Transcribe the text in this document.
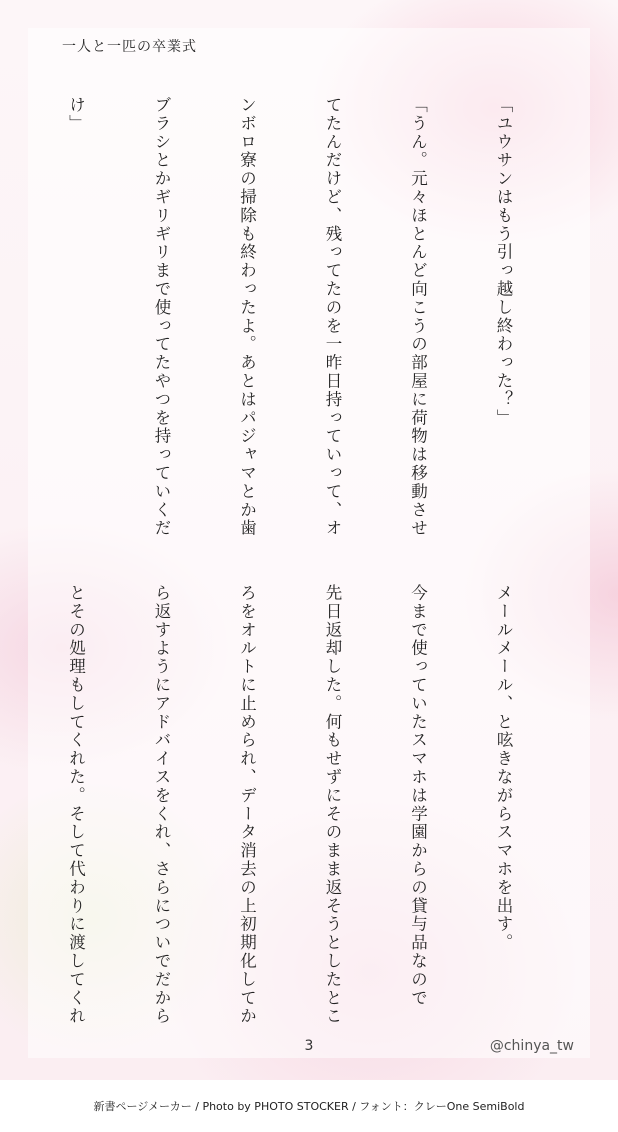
一人と一匹の卒業式

「ユウサンはもう引っ越し終わった？」

「うん。元々ほとんど向こうの部屋に荷物は移動させ

てたんだけど、残ってたのを一昨日持っていって、オ

ンボロ寮の掃除も終わったよ。あとはパジャマとか歯

ブラシとかギリギリまで使ってたやつを持っていくだ

け」

メールメール、と呟きながらスマホを出す。

今まで使っていたスマホは学園からの貸与品なので

先日返却した。何もせずにそのまま返そうとしたとこ

ろをオルトに止められ、データ消去の上初期化してか

ら返すようにアドバイスをくれ、さらについでだから

とその処理もしてくれた。そして代わりに渡してくれ

3	@chinya_tw
新書ページメーカー / Photo by PHOTO STOCKER / フォント：クレーOne SemiBold
